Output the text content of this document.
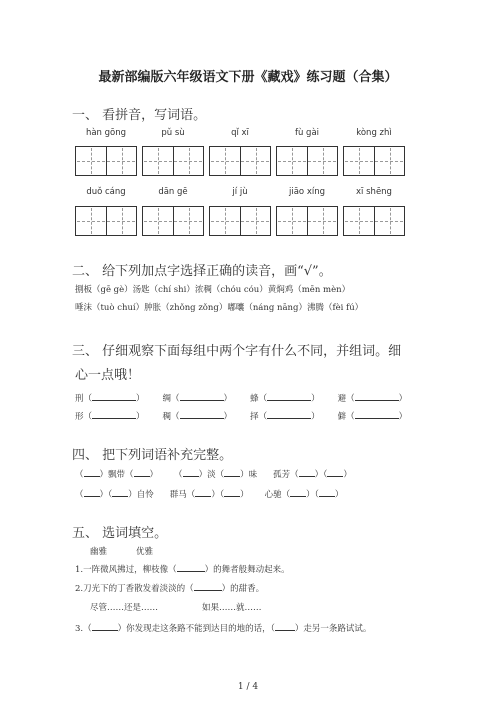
最新部编版六年级语文下册《藏戏》练习题（合集）
一、 看拼音，写词语。
hàn gōng	pǔ sù	qǐ xī	fù gài	kòng zhì
duǒ cáng	dān gē	jí jù	jiāo xíng	xī shēng
二、 给下列加点字选择正确的读音，画“√”。
捌板（gē gè）汤匙（chí shi）浓稠（chóu cóu）黄焖鸡（mēn mèn）
唾沫（tuò chuí）肿胀（zhǒng zǒng）嘟囔（náng nāng）沸腾（fèi fú）
三、 仔细观察下面每组中两个字有什么不同，并组词。细
心一点哦！
刑（	） 绸（	） 蜂（	） 避（	）
形（	） 稠（	） 择（	） 僻（	）
四、 把下列词语补充完整。
（ ）飘带（ ） （ ）淡（ ）味 孤芳（ ）（ ）
（ ）（ ）自怜 群马（ ）（ ） 心驰（ ）（ ）
五、 选词填空。
幽雅	优雅
1.一阵微风拂过，柳枝像（	）的舞者般舞动起来。
2.刀光下的丁香散发着淡淡的（	）的甜香。
尽管……还是……	如果……就……
3.（	）你发现走这条路不能到达目的地的话，（ ）走另一条路试试。
1 / 4
